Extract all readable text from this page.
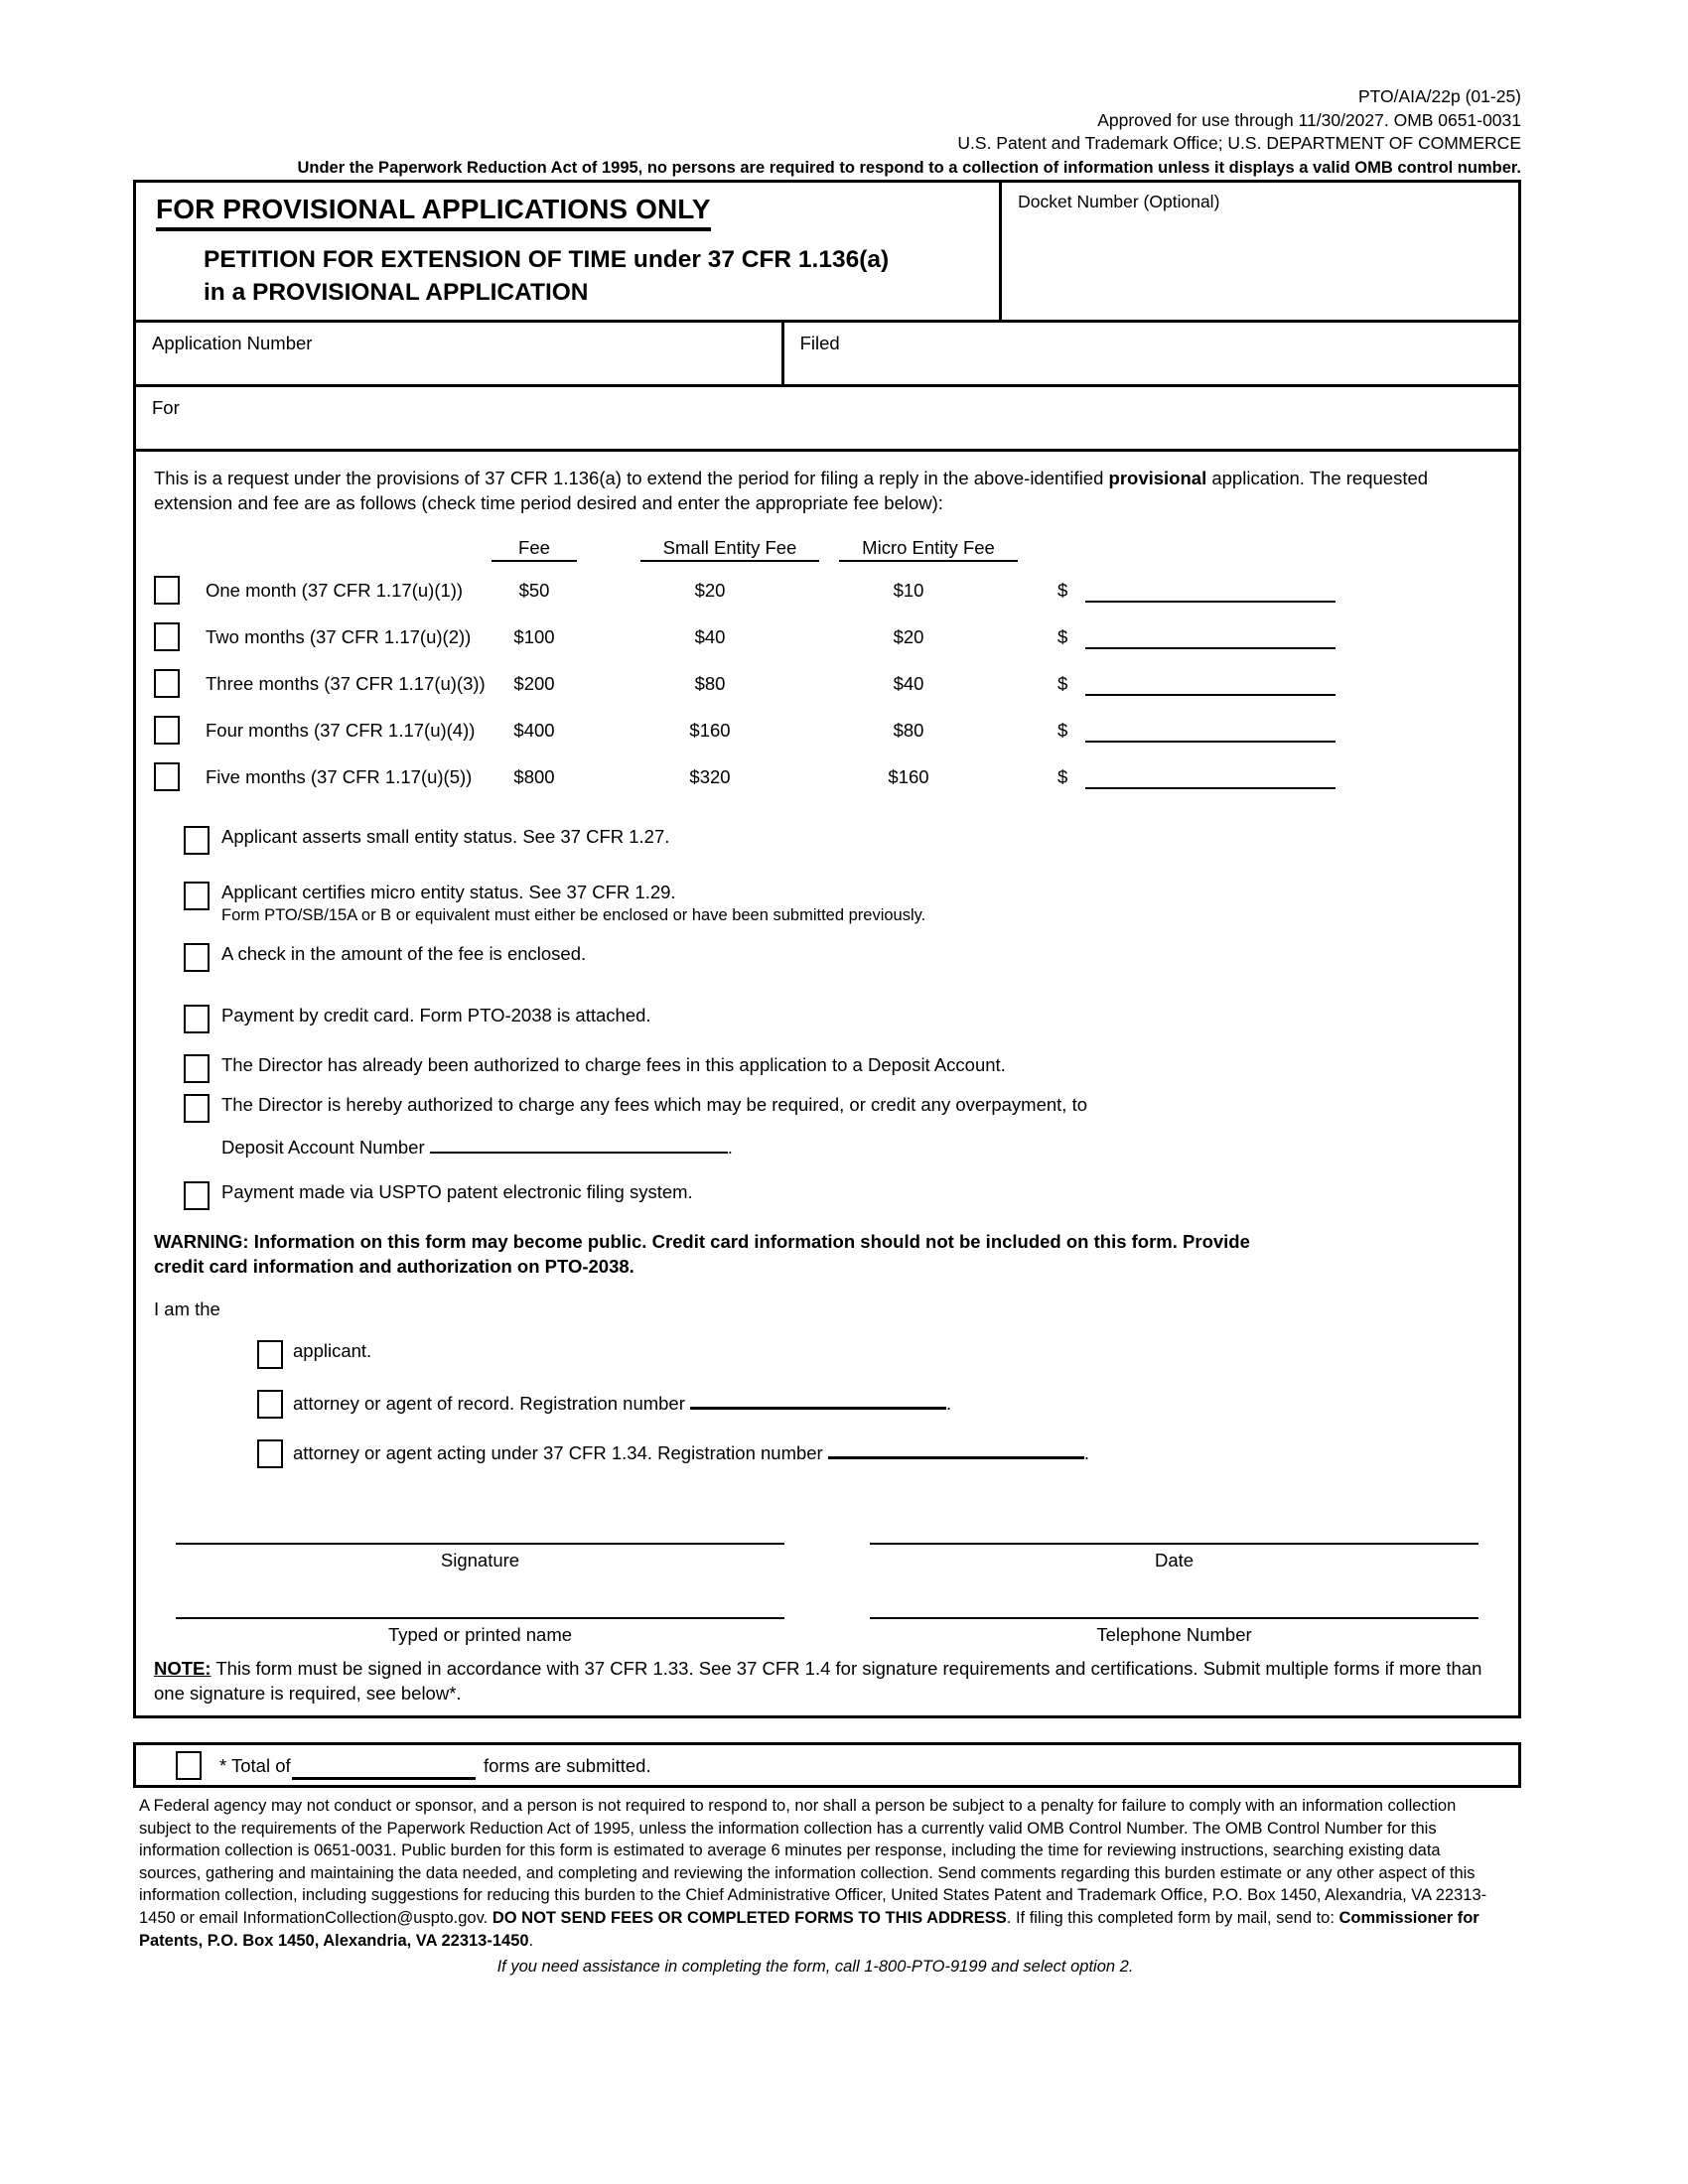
PTO/AIA/22p (01-25)
Approved for use through 11/30/2027. OMB 0651-0031
U.S. Patent and Trademark Office; U.S. DEPARTMENT OF COMMERCE
Under the Paperwork Reduction Act of 1995, no persons are required to respond to a collection of information unless it displays a valid OMB control number.
FOR PROVISIONAL APPLICATIONS ONLY
PETITION FOR EXTENSION OF TIME under 37 CFR 1.136(a)
in a PROVISIONAL APPLICATION
Docket Number (Optional)
Application Number	Filed
For

This is a request under the provisions of 37 CFR 1.136(a) to extend the period for filing a reply in the above-identified provisional application. The requested extension and fee are as follows (check time period desired and enter the appropriate fee below):

Fee	Small Entity Fee	Micro Entity Fee
One month (37 CFR 1.17(u)(1))	$50	$20	$10	$
Two months (37 CFR 1.17(u)(2))	$100	$40	$20	$
Three months (37 CFR 1.17(u)(3))	$200	$80	$40	$
Four months (37 CFR 1.17(u)(4))	$400	$160	$80	$
Five months (37 CFR 1.17(u)(5))	$800	$320	$160	$
Applicant asserts small entity status. See 37 CFR 1.27.
Applicant certifies micro entity status. See 37 CFR 1.29.
Form PTO/SB/15A or B or equivalent must either be enclosed or have been submitted previously.
A check in the amount of the fee is enclosed.
Payment by credit card. Form PTO-2038 is attached.
The Director has already been authorized to charge fees in this application to a Deposit Account.
The Director is hereby authorized to charge any fees which may be required, or credit any overpayment, to
Deposit Account Number	.
Payment made via USPTO patent electronic filing system.
WARNING: Information on this form may become public. Credit card information should not be included on this form. Provide
credit card information and authorization on PTO-2038.
I am the
applicant.
attorney or agent of record. Registration number	.
attorney or agent acting under 37 CFR 1.34. Registration number	.
Signature	Date
Typed or printed name	Telephone Number
NOTE: This form must be signed in accordance with 37 CFR 1.33. See 37 CFR 1.4 for signature requirements and certifications. Submit multiple forms if more than one signature is required, see below*.
* Total of	forms are submitted.

A Federal agency may not conduct or sponsor, and a person is not required to respond to, nor shall a person be subject to a penalty for failure to comply with an information collection subject to the requirements of the Paperwork Reduction Act of 1995, unless the information collection has a currently valid OMB Control Number. The OMB Control Number for this information collection is 0651-0031. Public burden for this form is estimated to average 6 minutes per response, including the time for reviewing instructions, searching existing data sources, gathering and maintaining the data needed, and completing and reviewing the information collection. Send comments regarding this burden estimate or any other aspect of this information collection, including suggestions for reducing this burden to the Chief Administrative Officer, United States Patent and Trademark Office, P.O. Box 1450, Alexandria, VA 22313-1450 or email InformationCollection@uspto.gov. DO NOT SEND FEES OR COMPLETED FORMS TO THIS ADDRESS. If filing this completed form by mail, send to: Commissioner for Patents, P.O. Box 1450, Alexandria, VA 22313-1450.

If you need assistance in completing the form, call 1-800-PTO-9199 and select option 2.
